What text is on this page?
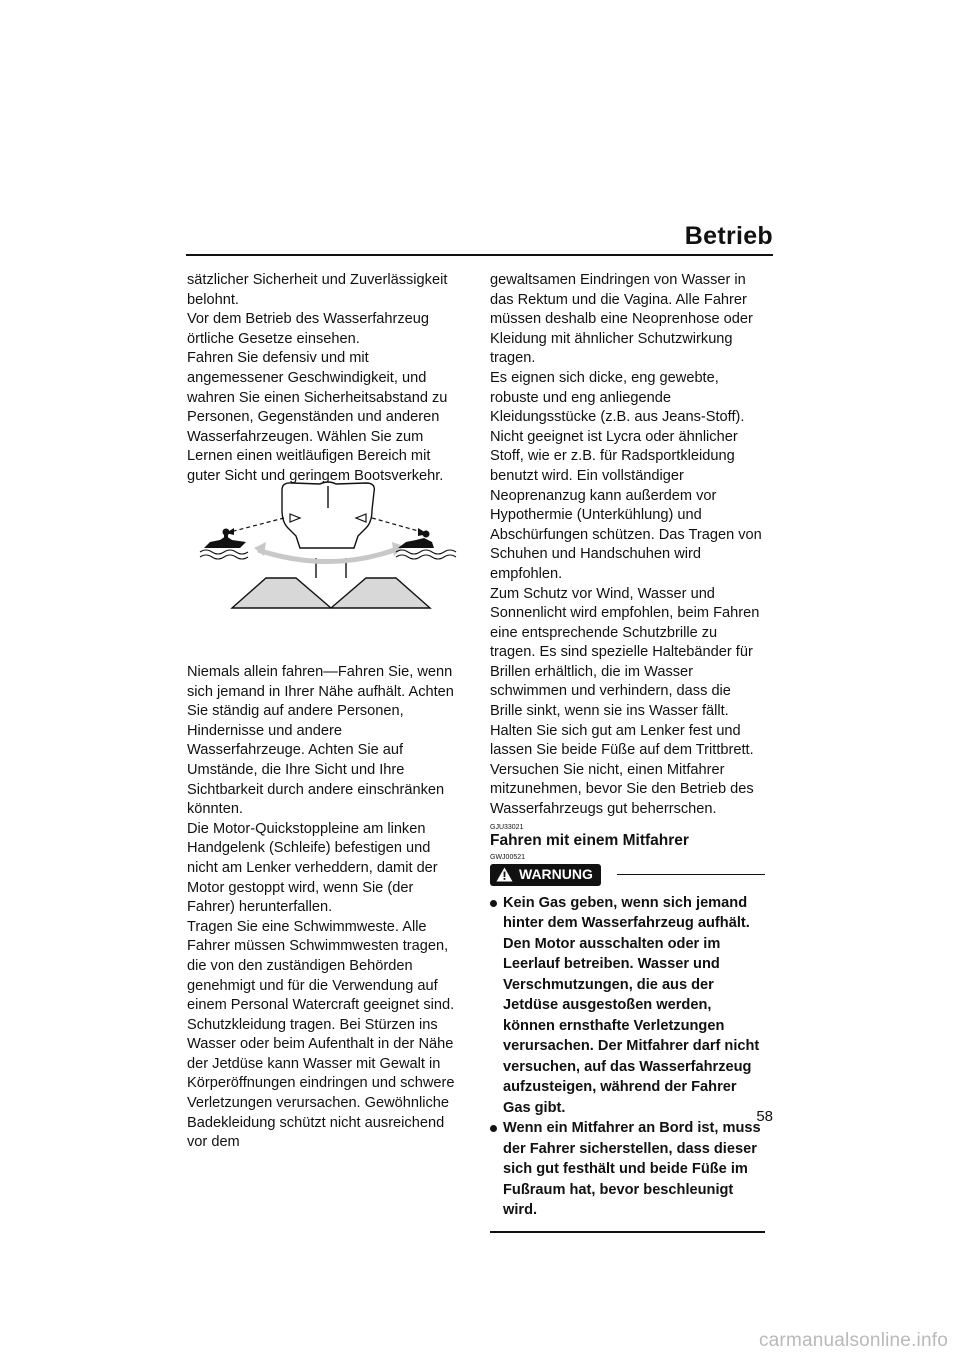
Betrieb

sätzlicher Sicherheit und Zuverlässigkeit belohnt.

Vor dem Betrieb des Wasserfahrzeug örtliche Gesetze einsehen.

Fahren Sie defensiv und mit angemessener Geschwindigkeit, und wahren Sie einen Sicherheitsabstand zu Personen, Gegenständen und anderen Wasserfahrzeugen. Wählen Sie zum Lernen einen weitläufigen Bereich mit guter Sicht und geringem Bootsverkehr.

Niemals allein fahren—Fahren Sie, wenn sich jemand in Ihrer Nähe aufhält. Achten Sie ständig auf andere Personen, Hindernisse und andere Wasserfahrzeuge. Achten Sie auf Umstände, die Ihre Sicht und Ihre Sichtbarkeit durch andere einschränken könnten.

Die Motor-Quickstoppleine am linken Handgelenk (Schleife) befestigen und nicht am Lenker verheddern, damit der Motor gestoppt wird, wenn Sie (der Fahrer) herunterfallen.

Tragen Sie eine Schwimmweste. Alle Fahrer müssen Schwimmwesten tragen, die von den zuständigen Behörden genehmigt und für die Verwendung auf einem Personal Watercraft geeignet sind.

Schutzkleidung tragen. Bei Stürzen ins Wasser oder beim Aufenthalt in der Nähe der Jetdüse kann Wasser mit Gewalt in Körperöffnungen eindringen und schwere Verletzungen verursachen. Gewöhnliche Badekleidung schützt nicht ausreichend vor dem

gewaltsamen Eindringen von Wasser in das Rektum und die Vagina. Alle Fahrer müssen deshalb eine Neoprenhose oder Kleidung mit ähnlicher Schutzwirkung tragen.

Es eignen sich dicke, eng gewebte, robuste und eng anliegende Kleidungsstücke (z.B. aus Jeans-Stoff). Nicht geeignet ist Lycra oder ähnlicher Stoff, wie er z.B. für Radsportkleidung benutzt wird. Ein vollständiger Neoprenanzug kann außerdem vor Hypothermie (Unterkühlung) und Abschürfungen schützen. Das Tragen von Schuhen und Handschuhen wird empfohlen.

Zum Schutz vor Wind, Wasser und Sonnenlicht wird empfohlen, beim Fahren eine entsprechende Schutzbrille zu tragen. Es sind spezielle Haltebänder für Brillen erhältlich, die im Wasser schwimmen und verhindern, dass die Brille sinkt, wenn sie ins Wasser fällt.

Halten Sie sich gut am Lenker fest und lassen Sie beide Füße auf dem Trittbrett. Versuchen Sie nicht, einen Mitfahrer mitzunehmen, bevor Sie den Betrieb des Wasserfahrzeugs gut beherrschen.

GJU33021
Fahren mit einem Mitfahrer
GWJ00521
WARNUNG
Kein Gas geben, wenn sich jemand hinter dem Wasserfahrzeug aufhält. Den Motor ausschalten oder im Leerlauf betreiben. Wasser und Verschmutzungen, die aus der Jetdüse ausgestoßen werden, können ernsthafte Verletzungen verursachen. Der Mitfahrer darf nicht versuchen, auf das Wasserfahrzeug aufzusteigen, während der Fahrer Gas gibt.
Wenn ein Mitfahrer an Bord ist, muss der Fahrer sicherstellen, dass dieser sich gut festhält und beide Füße im Fußraum hat, bevor beschleunigt wird.
58
carmanualsonline.info
